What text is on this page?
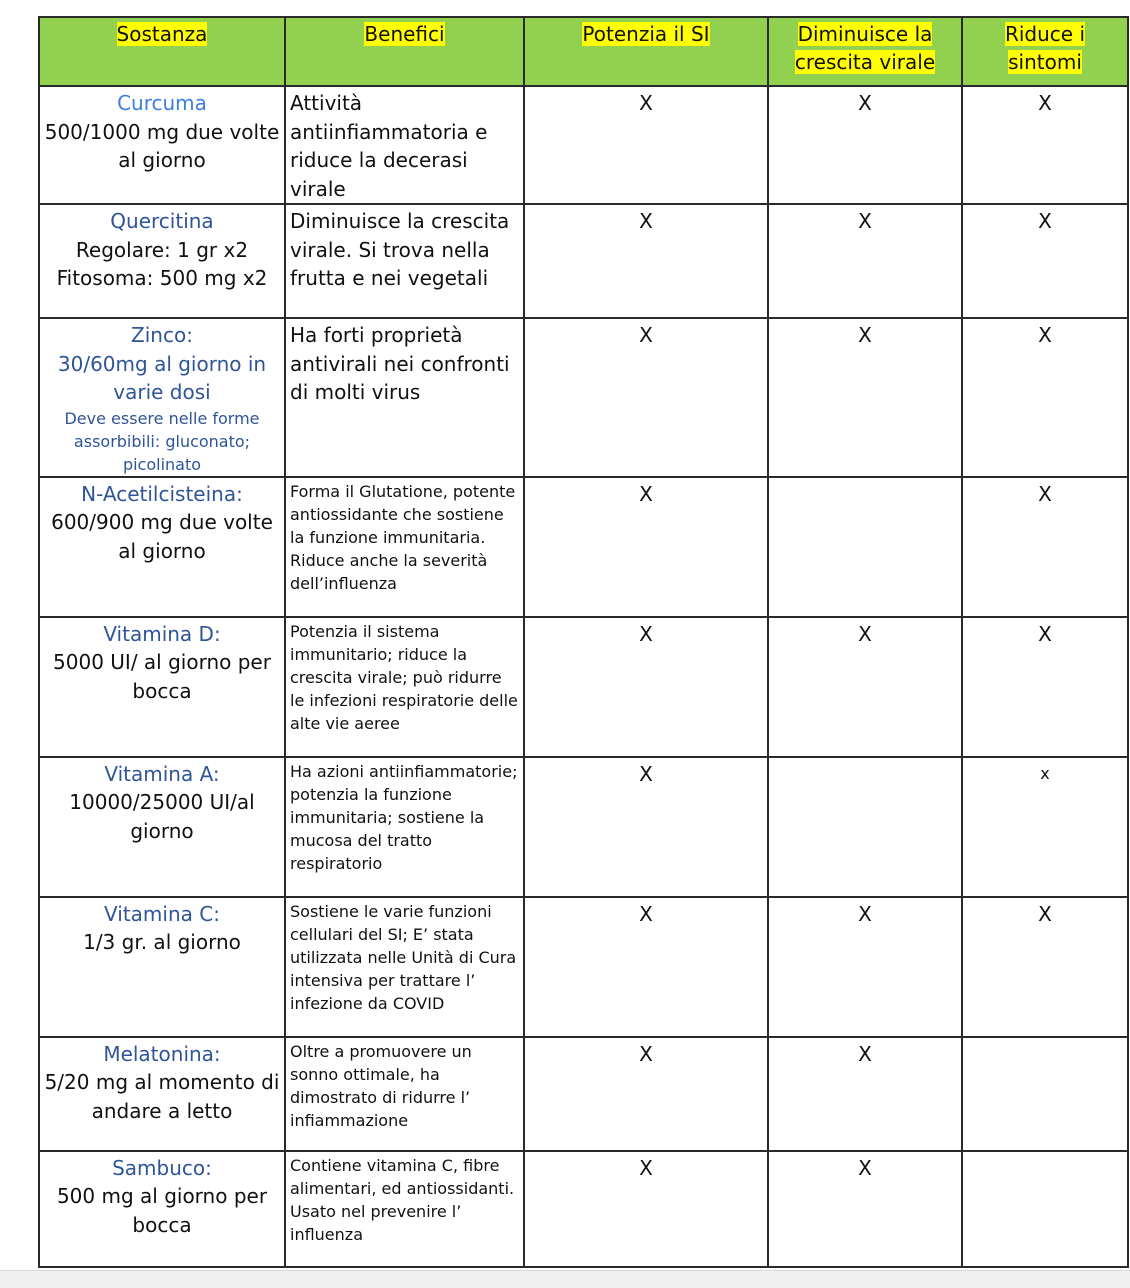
Sostanza	Benefici	Potenzia il SI	Diminuisce la crescita virale	Riduce i sintomi

Curcuma
500/1000 mg due volte al giorno	Attività antiinfiammatoria e riduce la decerasi virale	X	X	X

Quercitina
Regolare: 1 gr x2 Fitosoma: 500 mg x2	Diminuisce la crescita virale. Si trova nella frutta e nei vegetali	X	X	X

Zinco:
30/60mg al giorno in varie dosi
Deve essere nelle forme assorbibili: gluconato; picolinato	Ha forti proprietà antivirali nei confronti di molti virus	X	X	X

N-Acetilcisteina:
600/900 mg due volte al giorno	Forma il Glutatione, potente antiossidante che sostiene la funzione immunitaria. Riduce anche la severità dell’influenza	X		X

Vitamina D:
5000 UI/ al giorno per bocca	Potenzia il sistema immunitario; riduce la crescita virale; può ridurre le infezioni respiratorie delle alte vie aeree	X	X	X

Vitamina A:
10000/25000 UI/al giorno	Ha azioni antiinfiammatorie; potenzia la funzione immunitaria; sostiene la mucosa del tratto respiratorio	X		x

Vitamina C:
1/3 gr. al giorno	Sostiene le varie funzioni cellulari del SI; E’ stata utilizzata nelle Unità di Cura intensiva per trattare l’ infezione da COVID	X	X	X

Melatonina:
5/20 mg al momento di andare a letto	Oltre a promuovere un sonno ottimale, ha dimostrato di ridurre l’ infiammazione	X	X	

Sambuco:
500 mg al giorno per bocca	Contiene vitamina C, fibre alimentari, ed antiossidanti. Usato nel prevenire l’ influenza	X	X	
